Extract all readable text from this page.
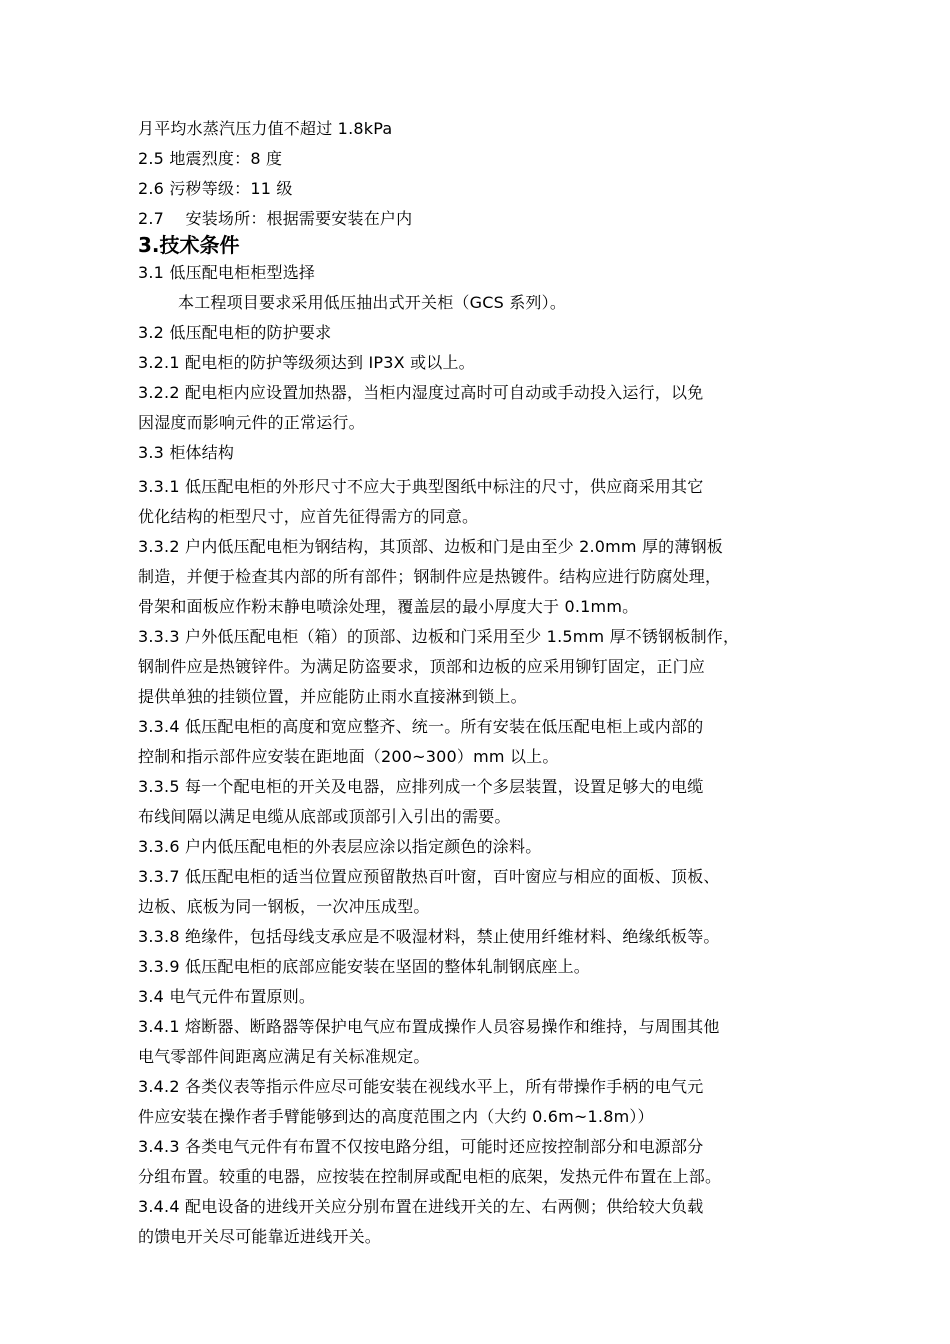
月平均水蒸汽压力值不超过 1.8kPa
2.5 地震烈度：8 度
2.6 污秽等级：11 级
2.7　 安装场所：根据需要安装在户内
3.技术条件
3.1 低压配电柜柜型选择
本工程项目要求采用低压抽出式开关柜（GCS 系列）。
3.2 低压配电柜的防护要求
3.2.1 配电柜的防护等级须达到 IP3X 或以上。
3.2.2 配电柜内应设置加热器，当柜内湿度过高时可自动或手动投入运行，以免
因湿度而影响元件的正常运行。
3.3 柜体结构
3.3.1 低压配电柜的外形尺寸不应大于典型图纸中标注的尺寸，供应商采用其它
优化结构的柜型尺寸，应首先征得需方的同意。
3.3.2 户内低压配电柜为钢结构，其顶部、边板和门是由至少 2.0mm 厚的薄钢板
制造，并便于检查其内部的所有部件；钢制件应是热镀件。结构应进行防腐处理，
骨架和面板应作粉末静电喷涂处理，覆盖层的最小厚度大于 0.1mm。
3.3.3 户外低压配电柜（箱）的顶部、边板和门采用至少 1.5mm 厚不锈钢板制作，
钢制件应是热镀锌件。为满足防盗要求，顶部和边板的应采用铆钉固定，正门应
提供单独的挂锁位置，并应能防止雨水直接淋到锁上。
3.3.4 低压配电柜的高度和宽应整齐、统一。所有安装在低压配电柜上或内部的
控制和指示部件应安装在距地面（200~300）mm 以上。
3.3.5 每一个配电柜的开关及电器，应排列成一个多层装置，设置足够大的电缆
布线间隔以满足电缆从底部或顶部引入引出的需要。
3.3.6 户内低压配电柜的外表层应涂以指定颜色的涂料。
3.3.7 低压配电柜的适当位置应预留散热百叶窗，百叶窗应与相应的面板、顶板、
边板、底板为同一钢板，一次冲压成型。
3.3.8 绝缘件，包括母线支承应是不吸湿材料，禁止使用纤维材料、绝缘纸板等。
3.3.9 低压配电柜的底部应能安装在坚固的整体轧制钢底座上。
3.4 电气元件布置原则。
3.4.1 熔断器、断路器等保护电气应布置成操作人员容易操作和维持，与周围其他
电气零部件间距离应满足有关标准规定。
3.4.2 各类仪表等指示件应尽可能安装在视线水平上，所有带操作手柄的电气元
件应安装在操作者手臂能够到达的高度范围之内（大约 0.6m~1.8m））
3.4.3 各类电气元件有布置不仅按电路分组，可能时还应按控制部分和电源部分
分组布置。较重的电器，应按装在控制屏或配电柜的底架，发热元件布置在上部。
3.4.4 配电设备的进线开关应分别布置在进线开关的左、右两侧；供给较大负载
的馈电开关尽可能靠近进线开关。
